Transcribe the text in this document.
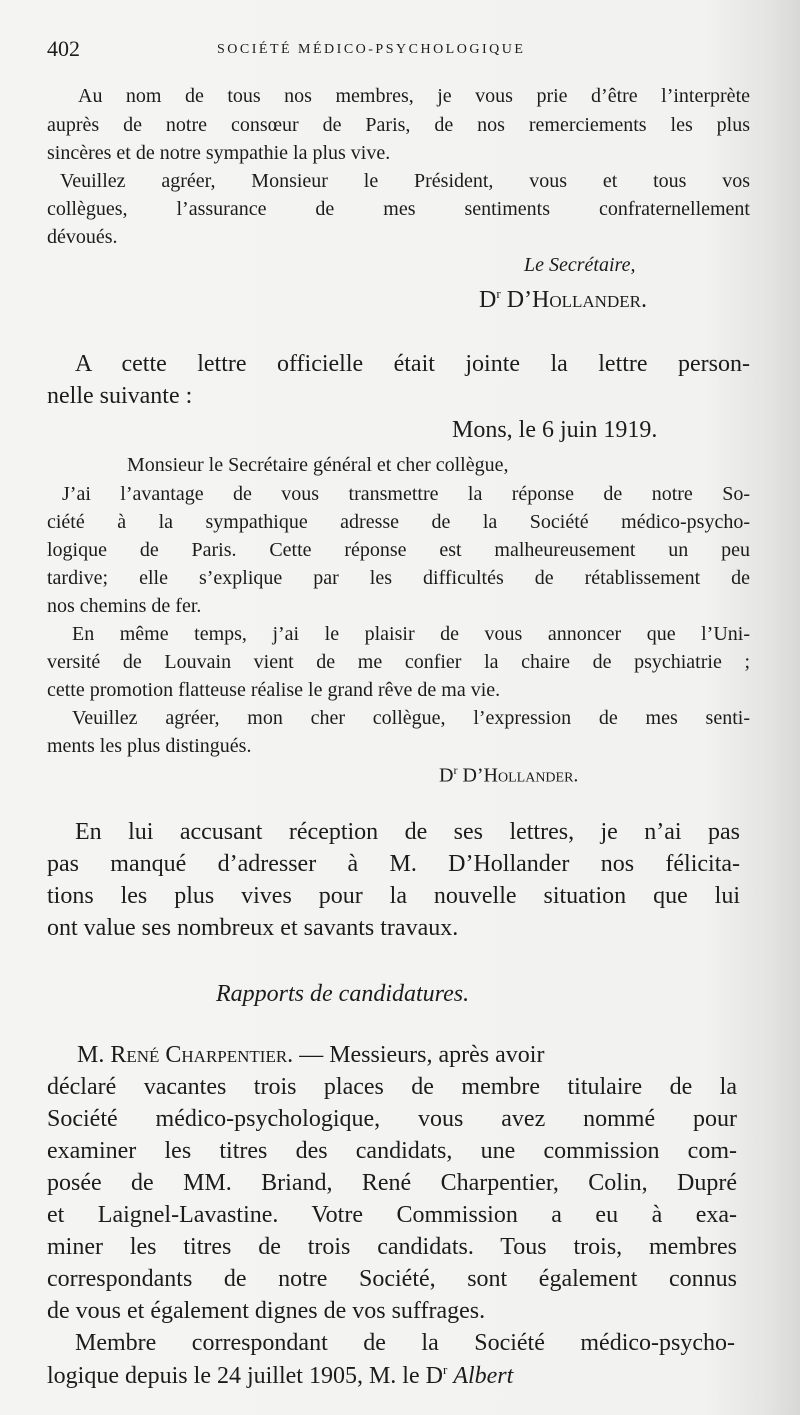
402	SOCIÉTÉ MÉDICO-PSYCHOLOGIQUE
Au nom de tous nos membres, je vous prie d’être l’interprète
auprès de notre consœur de Paris, de nos remerciements les plus
sincères et de notre sympathie la plus vive.
Veuillez agréer, Monsieur le Président, vous et tous vos
collègues, l’assurance de mes sentiments confraternellement
dévoués.
Le Secrétaire,
$D^r$ D’Hollander.
A cette lettre officielle était jointe la lettre person-
nelle suivante :
Mons, le 6 juin 1919.
Monsieur le Secrétaire général et cher collègue,
J’ai l’avantage de vous transmettre la réponse de notre So-
ciété à la sympathique adresse de la Société médico-psycho-
logique de Paris. Cette réponse est malheureusement un peu
tardive; elle s’explique par les difficultés de rétablissement de
nos chemins de fer.
En même temps, j’ai le plaisir de vous annoncer que l’Uni-
versité de Louvain vient de me confier la chaire de psychiatrie ;
cette promotion flatteuse réalise le grand rêve de ma vie.
Veuillez agréer, mon cher collègue, l’expression de mes senti-
ments les plus distingués.
$D^r$ D’Hollander.
En lui accusant réception de ses lettres, je n’ai pas
pas manqué d’adresser à M. D’Hollander nos félicita-
tions les plus vives pour la nouvelle situation que lui
ont value ses nombreux et savants travaux.
Rapports de candidatures.
M. René Charpentier. — Messieurs, après avoir
déclaré vacantes trois places de membre titulaire de la
Société médico-psychologique, vous avez nommé pour
examiner les titres des candidats, une commission com-
posée de MM. Briand, René Charpentier, Colin, Dupré
et Laignel-Lavastine. Votre Commission a eu à exa-
miner les titres de trois candidats. Tous trois, membres
correspondants de notre Société, sont également connus
de vous et également dignes de vos suffrages.
Membre correspondant de la Société médico-psycho-
logique depuis le 24 juillet 1905, M. le $D^r$ Albert
